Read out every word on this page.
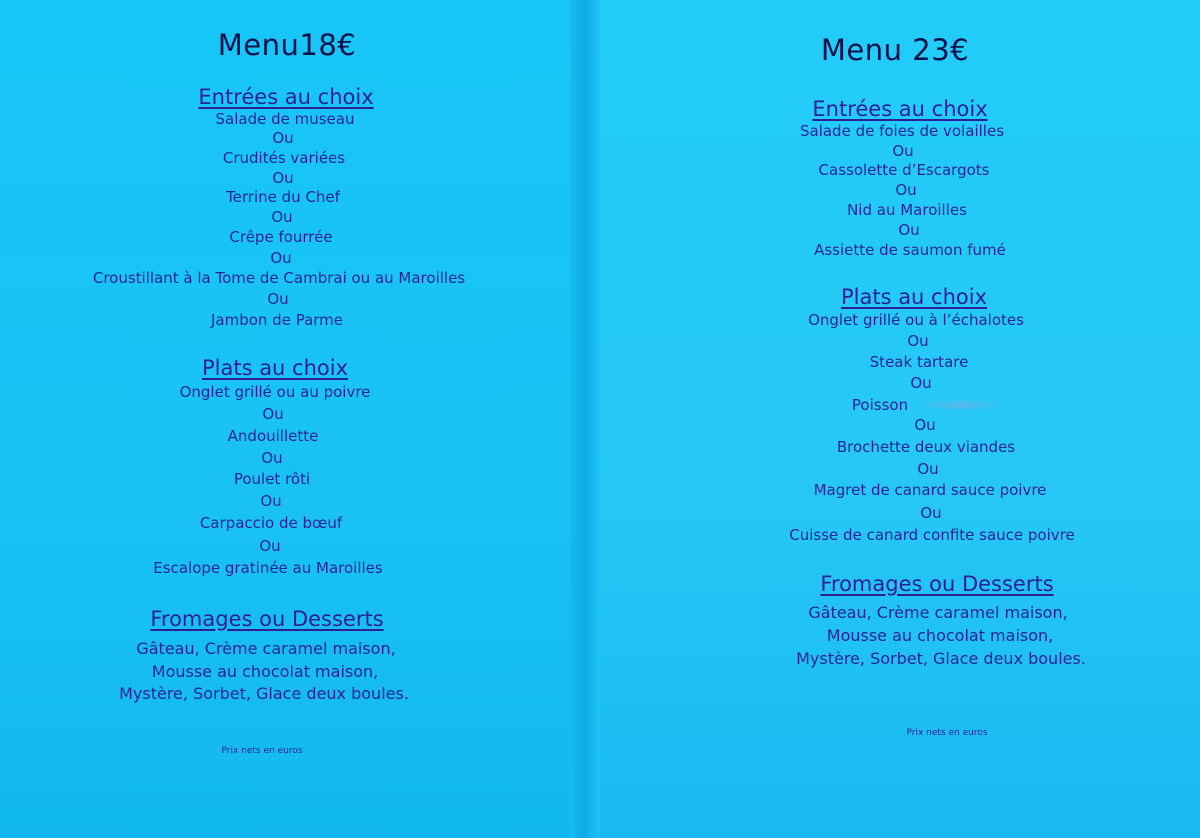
Menu18€
Entrées au choix
Salade de museau
Ou
Crudités variées
Ou
Terrine du Chef
Ou
Crêpe fourrée
Ou
Croustillant à la Tome de Cambrai ou au Maroilles
Ou
Jambon de Parme
Plats au choix
Onglet grillé ou au poivre
Ou
Andouillette
Ou
Poulet rôti
Ou
Carpaccio de bœuf
Ou
Escalope gratinée au Maroilles
Fromages ou Desserts
Gâteau, Crème caramel maison,
Mousse au chocolat maison,
Mystère, Sorbet, Glace deux boules.
Prix nets en euros
Menu 23€
Entrées au choix
Salade de foies de volailles
Ou
Cassolette d’Escargots
Ou
Nid au Maroilles
Ou
Assiette de saumon fumé
Plats au choix
Onglet grillé ou à l’échalotes
Ou
Steak tartare
Ou
Poisson
Ou
Brochette deux viandes
Ou
Magret de canard sauce poivre
Ou
Cuisse de canard confite sauce poivre
Fromages ou Desserts
Gâteau, Crème caramel maison,
Mousse au chocolat maison,
Mystère, Sorbet, Glace deux boules.
Prix nets en euros
